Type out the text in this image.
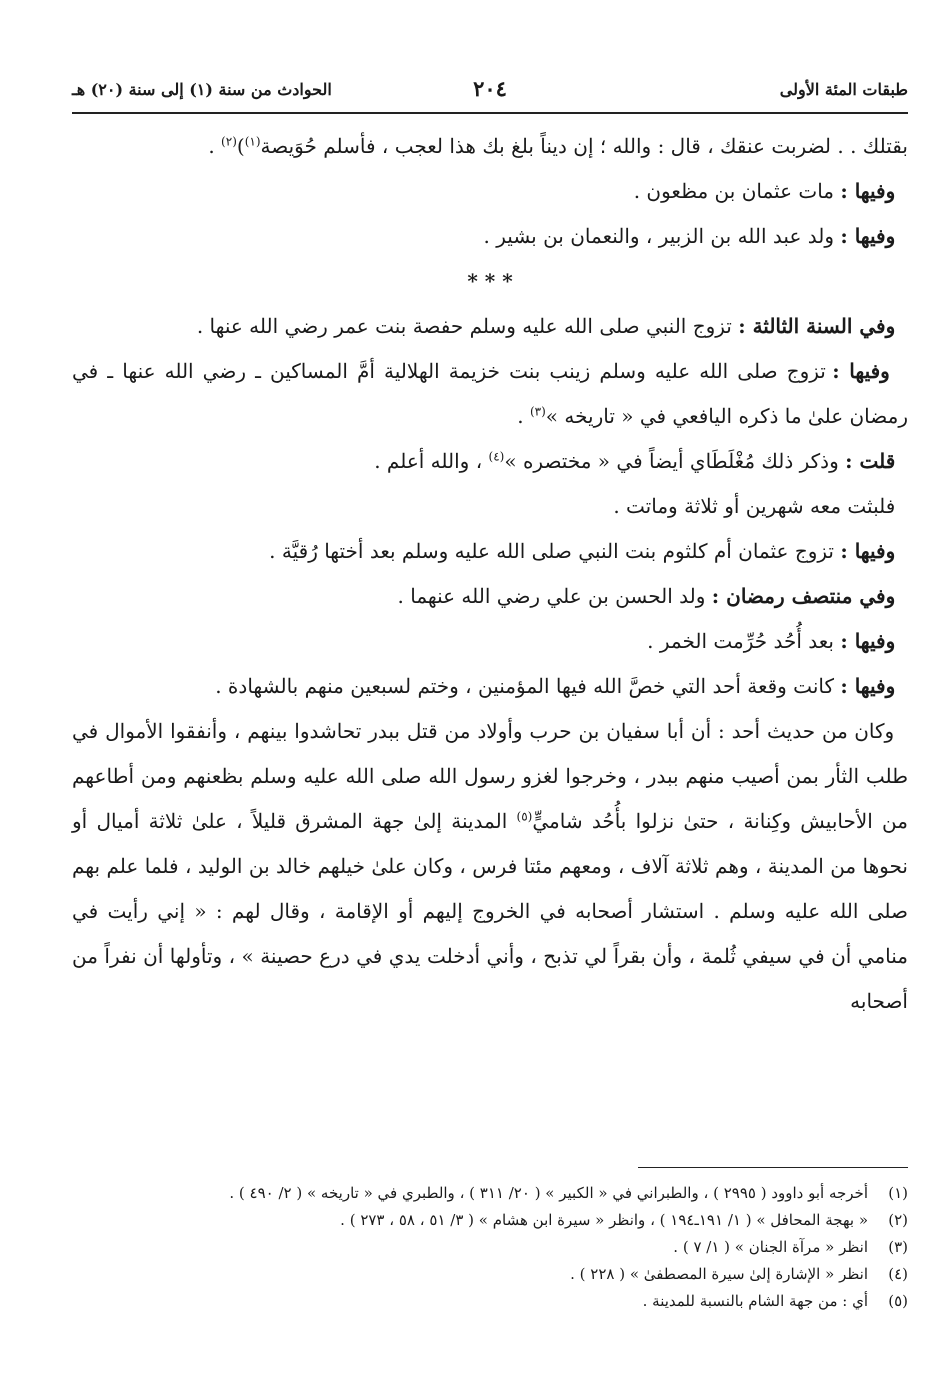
طبقات المئة الأولى
٢٠٤
الحوادث من سنة (١) إلى سنة (٢٠) هـ

بقتلك . . لضربت عنقك ، قال : والله ؛ إن ديناً بلغ بك هذا لعجب ، فأسلم حُوَيصة$^{(١)}$)$^{(٢)}$ .

وفيها : مات عثمان بن مظعون .

وفيها : ولد عبد الله بن الزبير ، والنعمان بن بشير .

* * *

وفي السنة الثالثة : تزوج النبي صلى الله عليه وسلم حفصة بنت عمر رضي الله عنها .

وفيها : تزوج صلى الله عليه وسلم زينب بنت خزيمة الهلالية أمَّ المساكين ـ رضي الله عنها ـ في رمضان علىٰ ما ذكره اليافعي في « تاريخه »$^{(٣)}$ .

قلت : وذكر ذلك مُغْلَطَاي أيضاً في « مختصره »$^{(٤)}$ ، والله أعلم .

فلبثت معه شهرين أو ثلاثة وماتت .

وفيها : تزوج عثمان أم كلثوم بنت النبي صلى الله عليه وسلم بعد أختها رُقيَّة .

وفي منتصف رمضان : ولد الحسن بن علي رضي الله عنهما .

وفيها : بعد أُحُد حُرِّمت الخمر .

وفيها : كانت وقعة أحد التي خصَّ الله فيها المؤمنين ، وختم لسبعين منهم بالشهادة .

وكان من حديث أحد : أن أبا سفيان بن حرب وأولاد من قتل ببدر تحاشدوا بينهم ، وأنفقوا الأموال في طلب الثأر بمن أصيب منهم ببدر ، وخرجوا لغزو رسول الله صلى الله عليه وسلم بظعنهم ومن أطاعهم من الأحابيش وكِنانة ، حتىٰ نزلوا بأُحُد شاميٍّ$^{(٥)}$ المدينة إلىٰ جهة المشرق قليلاً ، علىٰ ثلاثة أميال أو نحوها من المدينة ، وهم ثلاثة آلاف ، ومعهم مئتا فرس ، وكان علىٰ خيلهم خالد بن الوليد ، فلما علم بهم صلى الله عليه وسلم . استشار أصحابه في الخروج إليهم أو الإقامة ، وقال لهم : « إني رأيت في منامي أن في سيفي ثُلمة ، وأن بقراً لي تذبح ، وأني أدخلت يدي في درع حصينة » ، وتأولها أن نفراً من أصحابه

(١)
أخرجه أبو داوود ( ٢٩٩٥ ) ، والطبراني في « الكبير » ( ٢٠/ ٣١١ ) ، والطبري في « تاريخه » ( ٢/ ٤٩٠ ) .
(٢)
« بهجة المحافل » ( ١/ ١٩١ـ١٩٤ ) ، وانظر « سيرة ابن هشام » ( ٣/ ٥١ ، ٥٨ ، ٢٧٣ ) .
(٣)
انظر « مرآة الجنان » ( ١/ ٧ ) .
(٤)
انظر « الإشارة إلىٰ سيرة المصطفىٰ » ( ٢٢٨ ) .
(٥)
أي : من جهة الشام بالنسبة للمدينة .
